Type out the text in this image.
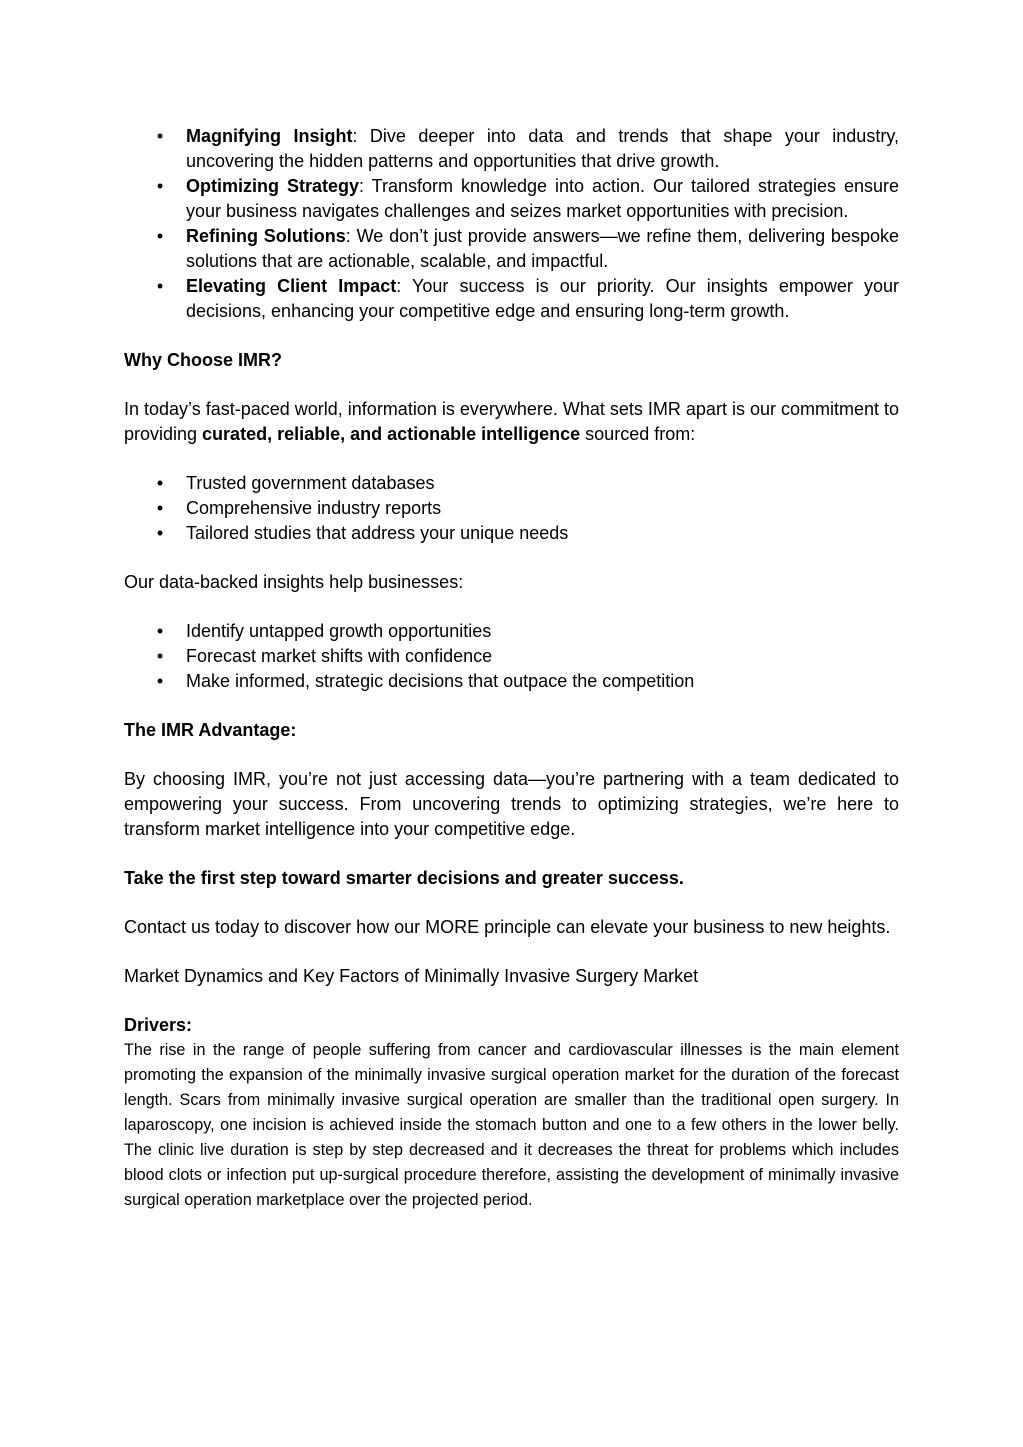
• Magnifying Insight: Dive deeper into data and trends that shape your industry, uncovering the hidden patterns and opportunities that drive growth.
• Optimizing Strategy: Transform knowledge into action. Our tailored strategies ensure your business navigates challenges and seizes market opportunities with precision.
• Refining Solutions: We don’t just provide answers—we refine them, delivering bespoke solutions that are actionable, scalable, and impactful.
• Elevating Client Impact: Your success is our priority. Our insights empower your decisions, enhancing your competitive edge and ensuring long-term growth.

Why Choose IMR?

In today’s fast-paced world, information is everywhere. What sets IMR apart is our commitment to providing curated, reliable, and actionable intelligence sourced from:

• Trusted government databases
• Comprehensive industry reports
• Tailored studies that address your unique needs

Our data-backed insights help businesses:

• Identify untapped growth opportunities
• Forecast market shifts with confidence
• Make informed, strategic decisions that outpace the competition

The IMR Advantage:

By choosing IMR, you’re not just accessing data—you’re partnering with a team dedicated to empowering your success. From uncovering trends to optimizing strategies, we’re here to transform market intelligence into your competitive edge.

Take the first step toward smarter decisions and greater success.

Contact us today to discover how our MORE principle can elevate your business to new heights.

Market Dynamics and Key Factors of Minimally Invasive Surgery Market

Drivers:

The rise in the range of people suffering from cancer and cardiovascular illnesses is the main element promoting the expansion of the minimally invasive surgical operation market for the duration of the forecast length. Scars from minimally invasive surgical operation are smaller than the traditional open surgery. In laparoscopy, one incision is achieved inside the stomach button and one to a few others in the lower belly. The clinic live duration is step by step decreased and it decreases the threat for problems which includes blood clots or infection put up-surgical procedure therefore, assisting the development of minimally invasive surgical operation marketplace over the projected period.
